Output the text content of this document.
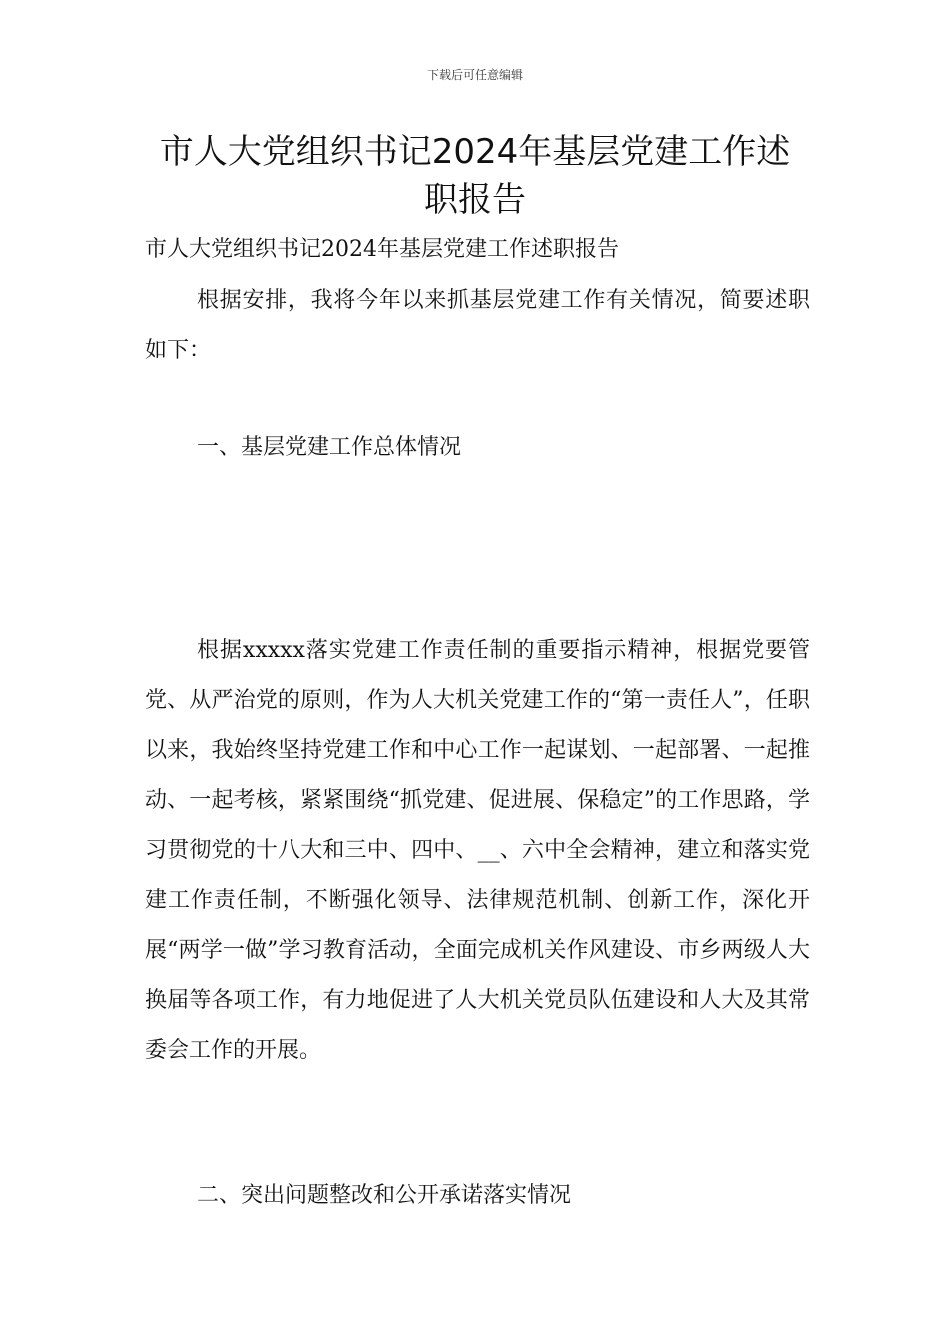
下载后可任意编辑
市人大党组织书记2024年基层党建工作述职报告
市人大党组织书记2024年基层党建工作述职报告

根据安排，我将今年以来抓基层党建工作有关情况，简要述职如下：

一、基层党建工作总体情况

根据xxxxx落实党建工作责任制的重要指示精神，根据党要管党、从严治党的原则，作为人大机关党建工作的“第一责任人”，任职以来，我始终坚持党建工作和中心工作一起谋划、一起部署、一起推动、一起考核，紧紧围绕“抓党建、促进展、保稳定”的工作思路，学习贯彻党的十八大和三中、四中、__、六中全会精神，建立和落实党建工作责任制，不断强化领导、法律规范机制、创新工作，深化开展“两学一做”学习教育活动，全面完成机关作风建设、市乡两级人大换届等各项工作，有力地促进了人大机关党员队伍建设和人大及其常委会工作的开展。

二、突出问题整改和公开承诺落实情况
